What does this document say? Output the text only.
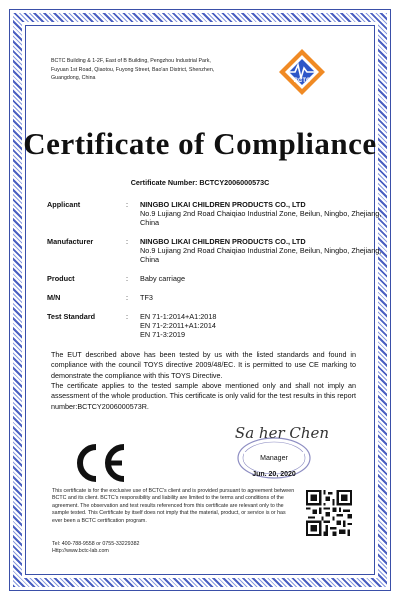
BCTC Building & 1-2F, East of B Building, Pengzhou Industrial Park,
Fuyuan 1st Road, Qiaotou, Fuyong Street, Bao'an District, Shenzhen,
Guangdong, China	BCTC
Certificate of Compliance
Certificate Number: BCTCY2006000573C
Applicant	: NINGBO LIKAI CHILDREN PRODUCTS CO., LTD
No.9 Lujiang 2nd Road Chaiqiao Industrial Zone, Beilun, Ningbo, Zhejiang, China
Manufacturer	: NINGBO LIKAI CHILDREN PRODUCTS CO., LTD
No.9 Lujiang 2nd Road Chaiqiao Industrial Zone, Beilun, Ningbo, Zhejiang, China
Product	: Baby carriage
M/N	: TF3
Test Standard	: EN 71-1:2014+A1:2018
EN 71-2:2011+A1:2014
EN 71-3:2019
The EUT described above has been tested by us with the listed standards and found in compliance with the council TOYS directive 2009/48/EC. It is permitted to use CE marking to demonstrate the compliance with this TOYS Directive.
The certificate applies to the tested sample above mentioned only and shall not imply an assessment of the whole production. This certificate is only valid for the test results in this report number:BCTCY2006000573R.
CE	Sa her Chen
Manager
Jun. 20, 2020
This certificate is for the exclusive use of BCTC's client and is provided pursuant to agreement between BCTC and its client. BCTC's responsibility and liability are limited to the terms and conditions of the agreement. The observation and test results referenced from this certificate are relevant only to the sample tested. This Certificate by itself does not imply that the material, product, or service is or has ever been a BCTC certification program.
Tel: 400-788-9558 or 0755-33229382
Http://www.bctc-lab.com
